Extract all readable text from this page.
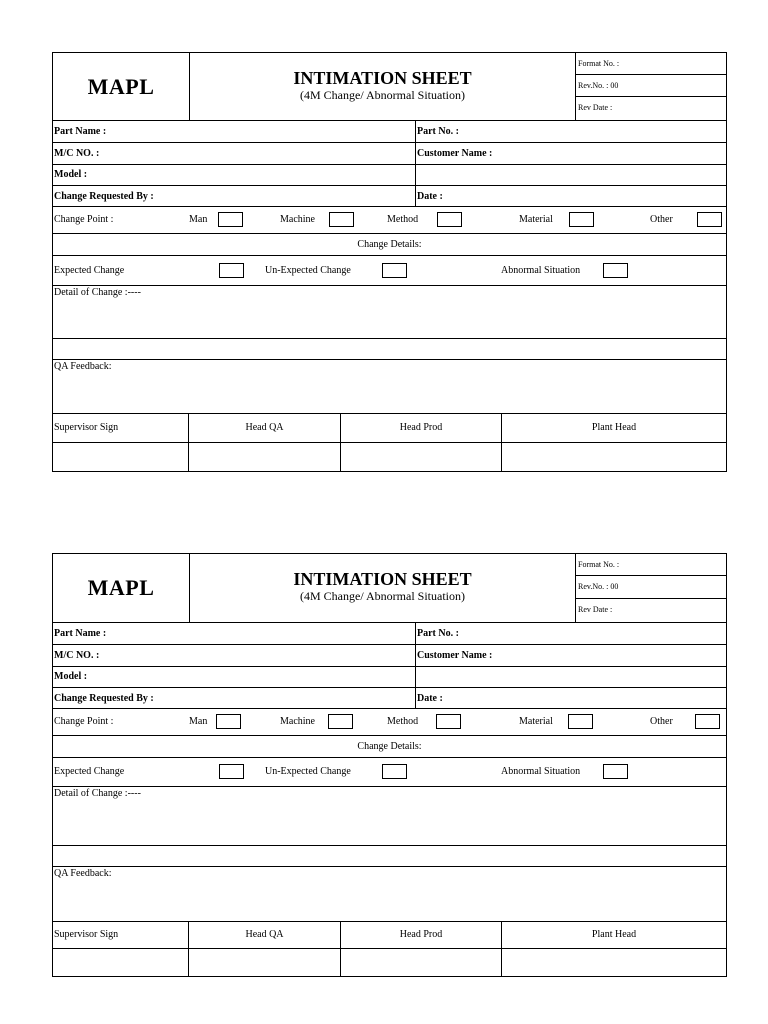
MAPL	INTIMATION SHEET
(4M Change/ Abnormal Situation)
Format No. :
Rev.No. : 00
Rev Date :
Part Name :	Part No. :
M/C NO. :	Customer Name :
Model :
Change Requested By :	Date :
Change Point :	Man	Machine	Method	Material	Other
Change Details:
Expected Change	Un-Expected Change	Abnormal Situation
Detail of Change :----
QA Feedback:
Supervisor Sign	Head QA	Head Prod	Plant Head
MAPL	INTIMATION SHEET
(4M Change/ Abnormal Situation)
Format No. :
Rev.No. : 00
Rev Date :
Part Name :	Part No. :
M/C NO. :	Customer Name :
Model :
Change Requested By :	Date :
Change Point :	Man	Machine	Method	Material	Other
Change Details:
Expected Change	Un-Expected Change	Abnormal Situation
Detail of Change :----
QA Feedback:
Supervisor Sign	Head QA	Head Prod	Plant Head
